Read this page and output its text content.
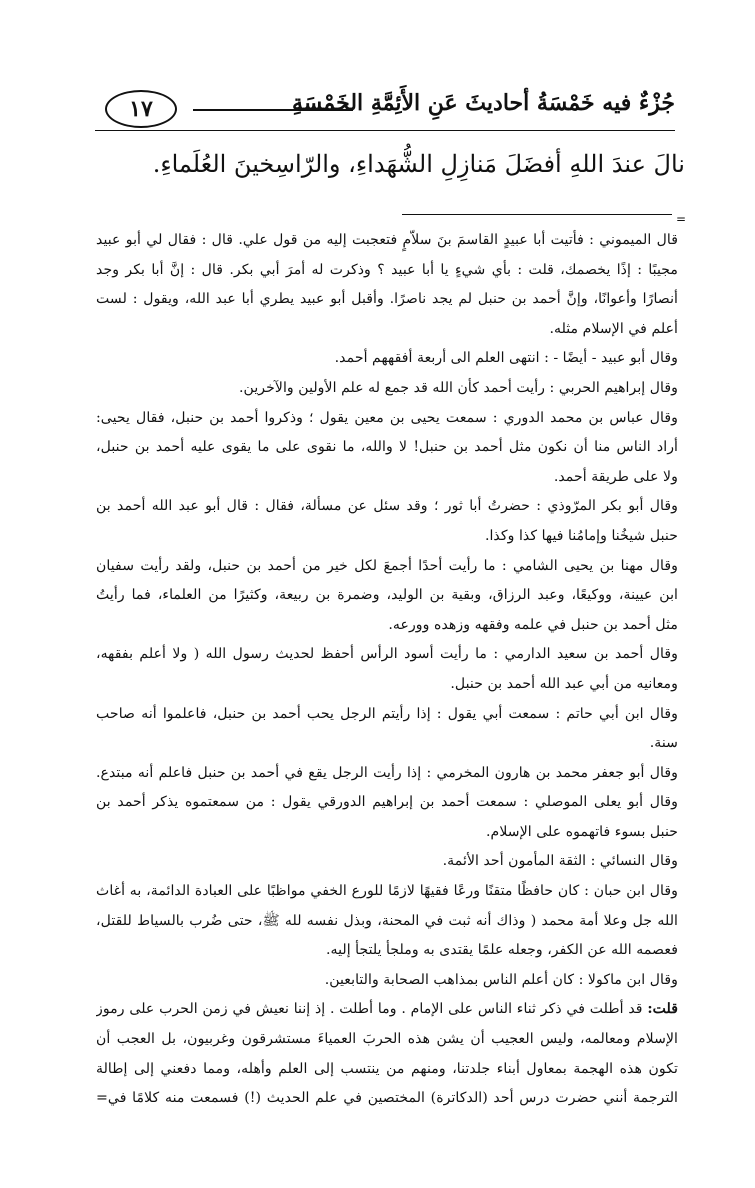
١٧	جُزْءٌ فيه خَمْسَةُ أحاديثَ عَنِ الأَئِمَّةِ الخَمْسَةِ
نالَ عندَ اللهِ أفضَلَ مَنازِلِ الشُّهَداءِ، والرّاسِخينَ العُلَماءِ.
=
قال الميموني : فأتيت أبا عبيدٍ القاسمَ بنَ سلاّمٍ فتعجبت إليه من قول علي. قال : فقال لي أبو عبيد
مجيبًا : إذًا يخصمك، قلت : بأي شيءٍ يا أبا عبيد ؟ وذكرت له أمرَ أبي بكر. قال : إنَّ أبا بكر وجد
أنصارًا وأعوانًا، وإنَّ أحمد بن حنبل لم يجد ناصرًا. وأقبل أبو عبيد يطري أبا عبد الله، ويقول : لست
أعلم في الإسلام مثله.
وقال أبو عبيد - أيضًا - : انتهى العلم الى أربعة أفقههم أحمد.
وقال إبراهيم الحربي : رأيت أحمد كأن الله قد جمع له علم الأولين والآخرين.
وقال عباس بن محمد الدوري : سمعت يحيى بن معين يقول ؛ وذكروا أحمد بن حنبل، فقال يحيى:
أراد الناس منا أن نكون مثل أحمد بن حنبل! لا والله، ما نقوى على ما يقوى عليه أحمد بن حنبل،
ولا على طريقة أحمد.
وقال أبو بكر المرّوذي : حضرتُ أبا ثور ؛ وقد سئل عن مسألة، فقال : قال أبو عبد الله أحمد بن
حنبل شيخُنا وإمامُنا فيها كذا وكذا.
وقال مهنا بن يحيى الشامي : ما رأيت أحدًا أجمعَ لكل خير من أحمد بن حنبل، ولقد رأيت سفيان
ابن عيينة، ووكيعًا، وعبد الرزاق، وبقية بن الوليد، وضمرة بن ربيعة، وكثيرًا من العلماء، فما رأيتُ
مثل أحمد بن حنبل في علمه وفقهه وزهده وورعه.
وقال أحمد بن سعيد الدارمي : ما رأيت أسود الرأس أحفظ لحديث رسول الله ( ولا أعلم بفقهه،
ومعانيه من أبي عبد الله أحمد بن حنبل.
وقال ابن أبي حاتم : سمعت أبي يقول : إذا رأيتم الرجل يحب أحمد بن حنبل، فاعلموا أنه صاحب
سنة.
وقال أبو جعفر محمد بن هارون المخرمي : إذا رأيت الرجل يقع في أحمد بن حنبل فاعلم أنه مبتدع.
وقال أبو يعلى الموصلي : سمعت أحمد بن إبراهيم الدورقي يقول : من سمعتموه يذكر أحمد بن
حنبل بسوء فاتهموه على الإسلام.
وقال النسائي : الثقة المأمون أحد الأئمة.
وقال ابن حبان : كان حافظًا متقنًا ورعًا فقيهًا لازمًا للورع الخفي مواظبًا على العبادة الدائمة، به أغاث
الله جل وعلا أمة محمد ( وذاك أنه ثبت في المحنة، وبذل نفسه لله ﷺ، حتى ضُرب بالسياط للقتل،
فعصمه الله عن الكفر، وجعله علمًا يقتدى به وملجأ يلتجأ إليه.
وقال ابن ماكولا : كان أعلم الناس بمذاهب الصحابة والتابعين.
قلت: قد أطلت في ذكر ثناء الناس على الإمام . وما أطلت . إذ إننا نعيش في زمن الحرب على رموز
الإسلام ومعالمه، وليس العجيب أن يشن هذه الحربَ العمياءَ مستشرقون وغربيون، بل العجب أن
تكون هذه الهجمة بمعاول أبناء جلدتنا، ومنهم من ينتسب إلى العلم وأهله، ومما دفعني إلى إطالة
الترجمة أنني حضرت درس أحد (الدكاترة) المختصين في علم الحديث (!) فسمعت منه كلامًا في=
